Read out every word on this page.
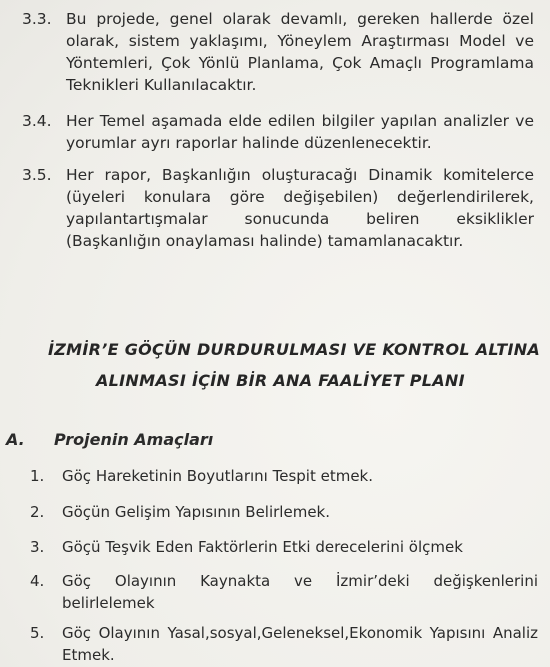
3.3. Bu projede, genel olarak devamlı, gereken hallerde özel olarak, sistem yaklaşımı, Yöneylem Araştırması Model ve Yöntemleri, Çok Yönlü Planlama, Çok Amaçlı Programlama Teknikleri Kullanılacaktır.
3.4. Her Temel aşamada elde edilen bilgiler yapılan analizler ve yorumlar ayrı raporlar halinde düzenlenecektir.
3.5. Her rapor, Başkanlığın oluşturacağı Dinamik komitelerce (üyeleri konulara göre değişebilen) değerlendirilerek, yapılantartışmalar sonucunda beliren eksiklikler (Başkanlığın onaylaması halinde) tamamlanacaktır.
İZMİR’E GÖÇÜN DURDURULMASI VE KONTROL ALTINA
ALINMASI İÇİN BİR ANA FAALİYET PLANI
A. Projenin Amaçları
1. Göç Hareketinin Boyutlarını Tespit etmek.
2. Göçün Gelişim Yapısının Belirlemek.
3. Göçü Teşvik Eden Faktörlerin Etki derecelerini ölçmek
4. Göç Olayının Kaynakta ve İzmir’deki değişkenlerini belirlelemek
5. Göç Olayının Yasal,sosyal,Geleneksel,Ekonomik Yapısını Analiz Etmek.
